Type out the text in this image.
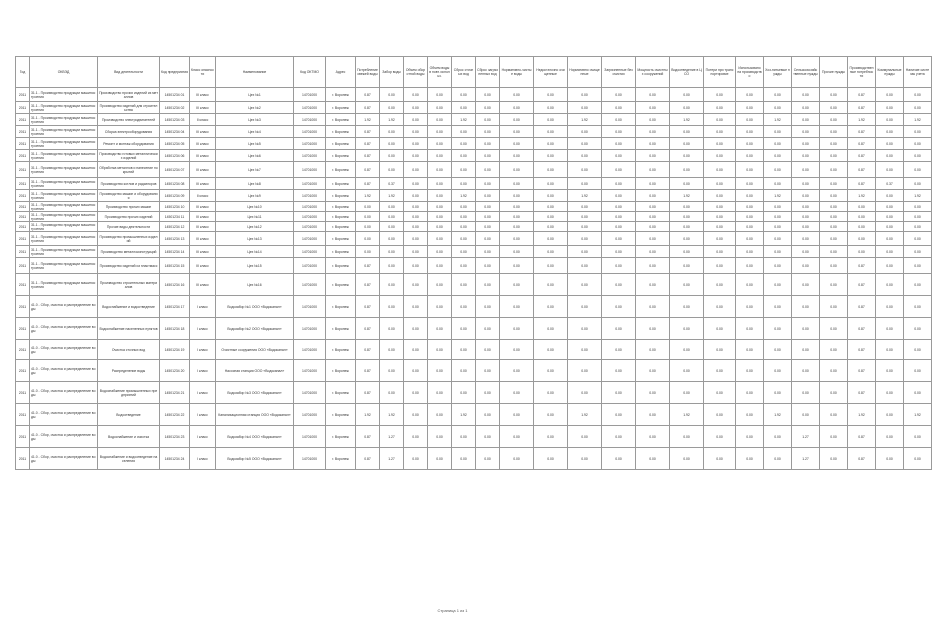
Год	ОКВЭД	Вид деятельности	Код предприятия	Класс опасности	Наименование	Код ОКТМО	Адрес	Потребление свежей воды	Забор воды	Объем оборотной воды	Объем воды в повт. использ.	Сброс сточных вод	Сброс загрязненных вод	Нормативно-чистые воды	Недостаточно очищенные	Нормативно очищенные	Загрязненные без очистки	Мощность очистных сооружений	Водоотведение в ЦСО	Потери при транспортировке	Использовано на производство	Хоз-питьевые нужды	Сельскохозяйственные нужды	Прочие нужды	Производственные потребности	Коммунальные нужды	Наличие системы учета
2011	31.1 - Производство продукции машиностроения	Производство прочих изделий из металлов	14501234 01	III класс	Цех №1	14701000	г. Воронеж	0.87	0.00	0.00	0.00	0.00	0.00	0.00	0.00	0.00	0.00	0.00	0.00	0.00	0.00	0.00	0.00	0.00	0.87	0.00	0.00
2011	31.1 - Производство продукции машиностроения	Производство изделий для строительства	14501234 02	III класс	Цех №2	14701000	г. Воронеж	0.87	0.00	0.00	0.00	0.00	0.00	0.00	0.00	0.00	0.00	0.00	0.00	0.00	0.00	0.00	0.00	0.00	0.87	0.00	0.00
2011	31.1 - Производство продукции машиностроения	Производство электродвигателей	14501234 03	II класс	Цех №3	14701000	г. Воронеж	1.92	1.92	0.00	0.00	1.92	0.00	0.00	0.00	1.92	0.00	0.00	1.92	0.00	0.00	1.92	0.00	0.00	1.92	0.00	1.92
2011	31.1 - Производство продукции машиностроения	Сборка электрооборудования	14501234 04	III класс	Цех №4	14701000	г. Воронеж	0.87	0.00	0.00	0.00	0.00	0.00	0.00	0.00	0.00	0.00	0.00	0.00	0.00	0.00	0.00	0.00	0.00	0.87	0.00	0.00
2011	31.1 - Производство продукции машиностроения	Ремонт и монтаж оборудования	14501234 05	III класс	Цех №5	14701000	г. Воронеж	0.87	0.00	0.00	0.00	0.00	0.00	0.00	0.00	0.00	0.00	0.00	0.00	0.00	0.00	0.00	0.00	0.00	0.87	0.00	0.00
2011	31.1 - Производство продукции машиностроения	Производство готовых металлических изделий	14501234 06	III класс	Цех №6	14701000	г. Воронеж	0.87	0.00	0.00	0.00	0.00	0.00	0.00	0.00	0.00	0.00	0.00	0.00	0.00	0.00	0.00	0.00	0.00	0.87	0.00	0.00
2011	31.1 - Производство продукции машиностроения	Обработка металлов и нанесение покрытий	14501234 07	III класс	Цех №7	14701000	г. Воронеж	0.87	0.00	0.00	0.00	0.00	0.00	0.00	0.00	0.00	0.00	0.00	0.00	0.00	0.00	0.00	0.00	0.00	0.87	0.00	0.00
2011	31.1 - Производство продукции машиностроения	Производство котлов и радиаторов	14501234 08	III класс	Цех №8	14701000	г. Воронеж	0.87	0.37	0.00	0.00	0.00	0.00	0.00	0.00	0.00	0.00	0.00	0.00	0.00	0.00	0.00	0.00	0.00	0.87	0.37	0.00
2011	31.1 - Производство продукции машиностроения	Производство машин и оборудования	14501234 09	II класс	Цех №9	14701000	г. Воронеж	1.92	1.92	0.00	0.00	1.92	0.00	0.00	0.00	1.92	0.00	0.00	1.92	0.00	0.00	1.92	0.00	0.00	1.92	0.00	1.92
2011	31.1 - Производство продукции машиностроения	Производство прочих машин	14501234 10	III класс	Цех №10	14701000	г. Воронеж	0.00	0.00	0.00	0.00	0.00	0.00	0.00	0.00	0.00	0.00	0.00	0.00	0.00	0.00	0.00	0.00	0.00	0.00	0.00	0.00
2011	31.1 - Производство продукции машиностроения	Производство прочих изделий	14501234 11	III класс	Цех №11	14701000	г. Воронеж	0.00	0.00	0.00	0.00	0.00	0.00	0.00	0.00	0.00	0.00	0.00	0.00	0.00	0.00	0.00	0.00	0.00	0.00	0.00	0.00
2011	31.1 - Производство продукции машиностроения	Прочие виды деятельности	14501234 12	III класс	Цех №12	14701000	г. Воронеж	0.00	0.00	0.00	0.00	0.00	0.00	0.00	0.00	0.00	0.00	0.00	0.00	0.00	0.00	0.00	0.00	0.00	0.00	0.00	0.00
2011	31.1 - Производство продукции машиностроения	Производство промышленных изделий	14501234 13	III класс	Цех №13	14701000	г. Воронеж	0.00	0.00	0.00	0.00	0.00	0.00	0.00	0.00	0.00	0.00	0.00	0.00	0.00	0.00	0.00	0.00	0.00	0.00	0.00	0.00
2011	31.1 - Производство продукции машиностроения	Производство металлоконструкций	14501234 14	III класс	Цех №14	14701000	г. Воронеж	0.00	0.00	0.00	0.00	0.00	0.00	0.00	0.00	0.00	0.00	0.00	0.00	0.00	0.00	0.00	0.00	0.00	0.00	0.00	0.00
2011	31.1 - Производство продукции машиностроения	Производство изделий из пластмасс	14501234 15	III класс	Цех №15	14701000	г. Воронеж	0.87	0.00	0.00	0.00	0.00	0.00	0.00	0.00	0.00	0.00	0.00	0.00	0.00	0.00	0.00	0.00	0.00	0.87	0.00	0.00
2011	31.1 - Производство продукции машиностроения	Производство строительных материалов	14501234 16	III класс	Цех №16	14701000	г. Воронеж	0.87	0.00	0.00	0.00	0.00	0.00	0.00	0.00	0.00	0.00	0.00	0.00	0.00	0.00	0.00	0.00	0.00	0.87	0.00	0.00
2011	41.0 - Сбор, очистка и распределение воды	Водоснабжение и водоотведение	14501234 17	I класс	Водозабор №1 ООО «Водоканал»	14701000	г. Воронеж	0.87	0.00	0.00	0.00	0.00	0.00	0.00	0.00	0.00	0.00	0.00	0.00	0.00	0.00	0.00	0.00	0.00	0.87	0.00	0.00
2011	41.0 - Сбор, очистка и распределение воды	Водоснабжение населенных пунктов	14501234 18	I класс	Водозабор №2 ООО «Водоканал»	14701000	г. Воронеж	0.87	0.00	0.00	0.00	0.00	0.00	0.00	0.00	0.00	0.00	0.00	0.00	0.00	0.00	0.00	0.00	0.00	0.87	0.00	0.00
2011	41.0 - Сбор, очистка и распределение воды	Очистка сточных вод	14501234 19	I класс	Очистные сооружения ООО «Водоканал»	14701000	г. Воронеж	0.87	0.00	0.00	0.00	0.00	0.00	0.00	0.00	0.00	0.00	0.00	0.00	0.00	0.00	0.00	0.00	0.00	0.87	0.00	0.00
2011	41.0 - Сбор, очистка и распределение воды	Распределение воды	14501234 20	I класс	Насосная станция ООО «Водоканал»	14701000	г. Воронеж	0.87	0.00	0.00	0.00	0.00	0.00	0.00	0.00	0.00	0.00	0.00	0.00	0.00	0.00	0.00	0.00	0.00	0.87	0.00	0.00
2011	41.0 - Сбор, очистка и распределение воды	Водоснабжение промышленных предприятий	14501234 21	I класс	Водозабор №3 ООО «Водоканал»	14701000	г. Воронеж	0.87	0.00	0.00	0.00	0.00	0.00	0.00	0.00	0.00	0.00	0.00	0.00	0.00	0.00	0.00	0.00	0.00	0.87	0.00	0.00
2011	41.0 - Сбор, очистка и распределение воды	Водоотведение	14501234 22	I класс	Канализационная станция ООО «Водоканал»	14701000	г. Воронеж	1.92	1.92	0.00	0.00	1.92	0.00	0.00	0.00	1.92	0.00	0.00	1.92	0.00	0.00	1.92	0.00	0.00	1.92	0.00	1.92
2011	41.0 - Сбор, очистка и распределение воды	Водоснабжение и очистка	14501234 23	I класс	Водозабор №4 ООО «Водоканал»	14701000	г. Воронеж	0.87	1.27	0.00	0.00	0.00	0.00	0.00	0.00	0.00	0.00	0.00	0.00	0.00	0.00	0.00	1.27	0.00	0.87	0.00	0.00
2011	41.0 - Сбор, очистка и распределение воды	Водоснабжение и водоотведение населения	14501234 24	I класс	Водозабор №5 ООО «Водоканал»	14701000	г. Воронеж	0.87	1.27	0.00	0.00	0.00	0.00	0.00	0.00	0.00	0.00	0.00	0.00	0.00	0.00	0.00	1.27	0.00	0.87	0.00	0.00
Страница 1 из 1
